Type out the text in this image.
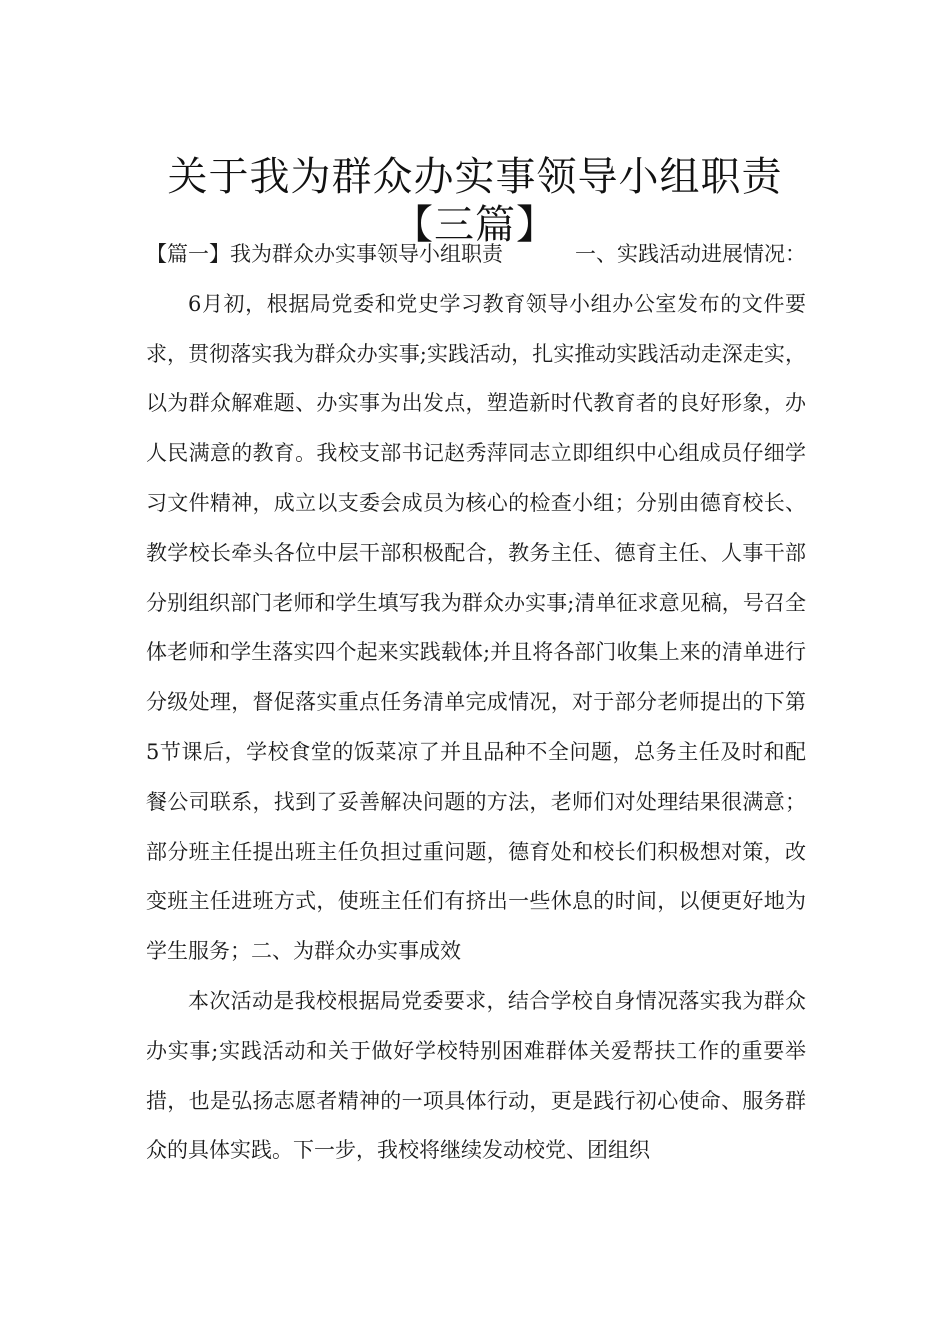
关于我为群众办实事领导小组职责【三篇】

【篇一】我为群众办实事领导小组职责	一、实践活动进展情况：

6月初，根据局党委和党史学习教育领导小组办公室发布的文件要求，贯彻落实我为群众办实事;实践活动，扎实推动实践活动走深走实，以为群众解难题、办实事为出发点，塑造新时代教育者的良好形象，办人民满意的教育。我校支部书记赵秀萍同志立即组织中心组成员仔细学习文件精神，成立以支委会成员为核心的检查小组；分别由德育校长、教学校长牵头各位中层干部积极配合，教务主任、德育主任、人事干部分别组织部门老师和学生填写我为群众办实事;清单征求意见稿，号召全体老师和学生落实四个起来实践载体;并且将各部门收集上来的清单进行分级处理，督促落实重点任务清单完成情况，对于部分老师提出的下第5节课后，学校食堂的饭菜凉了并且品种不全问题，总务主任及时和配餐公司联系，找到了妥善解决问题的方法，老师们对处理结果很满意；部分班主任提出班主任负担过重问题，德育处和校长们积极想对策，改变班主任进班方式，使班主任们有挤出一些休息的时间，以便更好地为学生服务；二、为群众办实事成效

本次活动是我校根据局党委要求，结合学校自身情况落实我为群众办实事;实践活动和关于做好学校特别困难群体关爱帮扶工作的重要举措，也是弘扬志愿者精神的一项具体行动，更是践行初心使命、服务群众的具体实践。下一步，我校将继续发动校党、团组织
